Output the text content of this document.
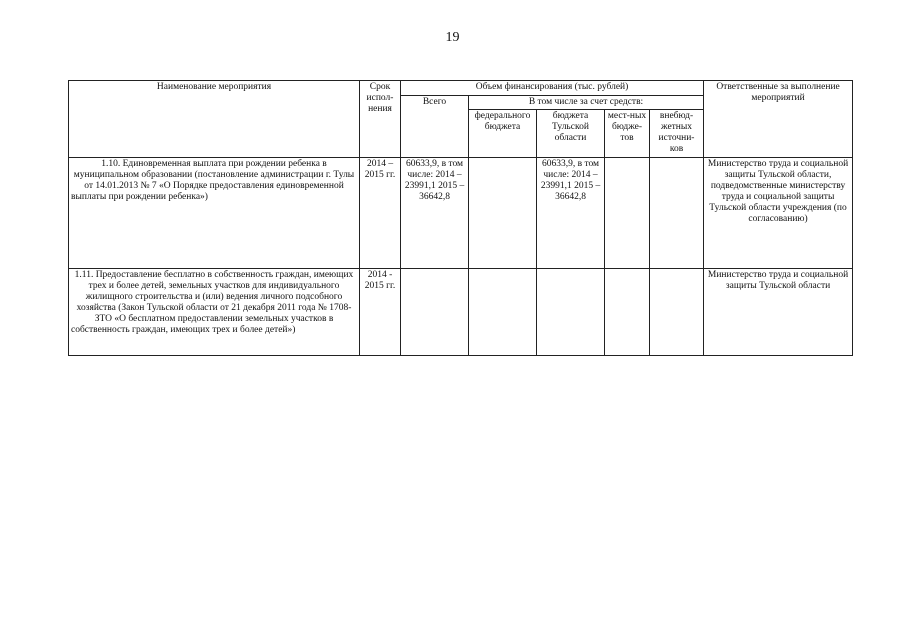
19
Наименование мероприятия	Срок испол-нения	Объем финансирования (тыс. рублей)					Ответственные за выполнение мероприятий
		Всего	В том числе за счет средств:				
			федерального бюджета	бюджета Тульской области	мест-ных бюдже-тов	внебюд-жетных источни-ков	
1.10. Единовременная выплата при рождении ребенка в муниципальном образовании (постановление администрации г. Тулы от 14.01.2013 № 7 «О Порядке предоставления единовременной выплаты при рождении ребенка»)	2014 – 2015 гг.	60633,9, в том числе: 2014 – 23991,1 2015 – 36642,8		60633,9, в том числе: 2014 – 23991,1 2015 – 36642,8			Министерство труда и социальной защиты Тульской области, подведомственные министерству труда и социальной защиты Тульской области учреждения (по согласованию)
1.11. Предоставление бесплатно в собственность граждан, имеющих трех и более детей, земельных участков для индивидуального жилищного строительства и (или) ведения личного подсобного хозяйства (Закон Тульской области от 21 декабря 2011 года № 1708-ЗТО «О бесплатном предоставлении земельных участков в собственность граждан, имеющих трех и более детей»)	2014 - 2015 гг.						Министерство труда и социальной защиты Тульской области
